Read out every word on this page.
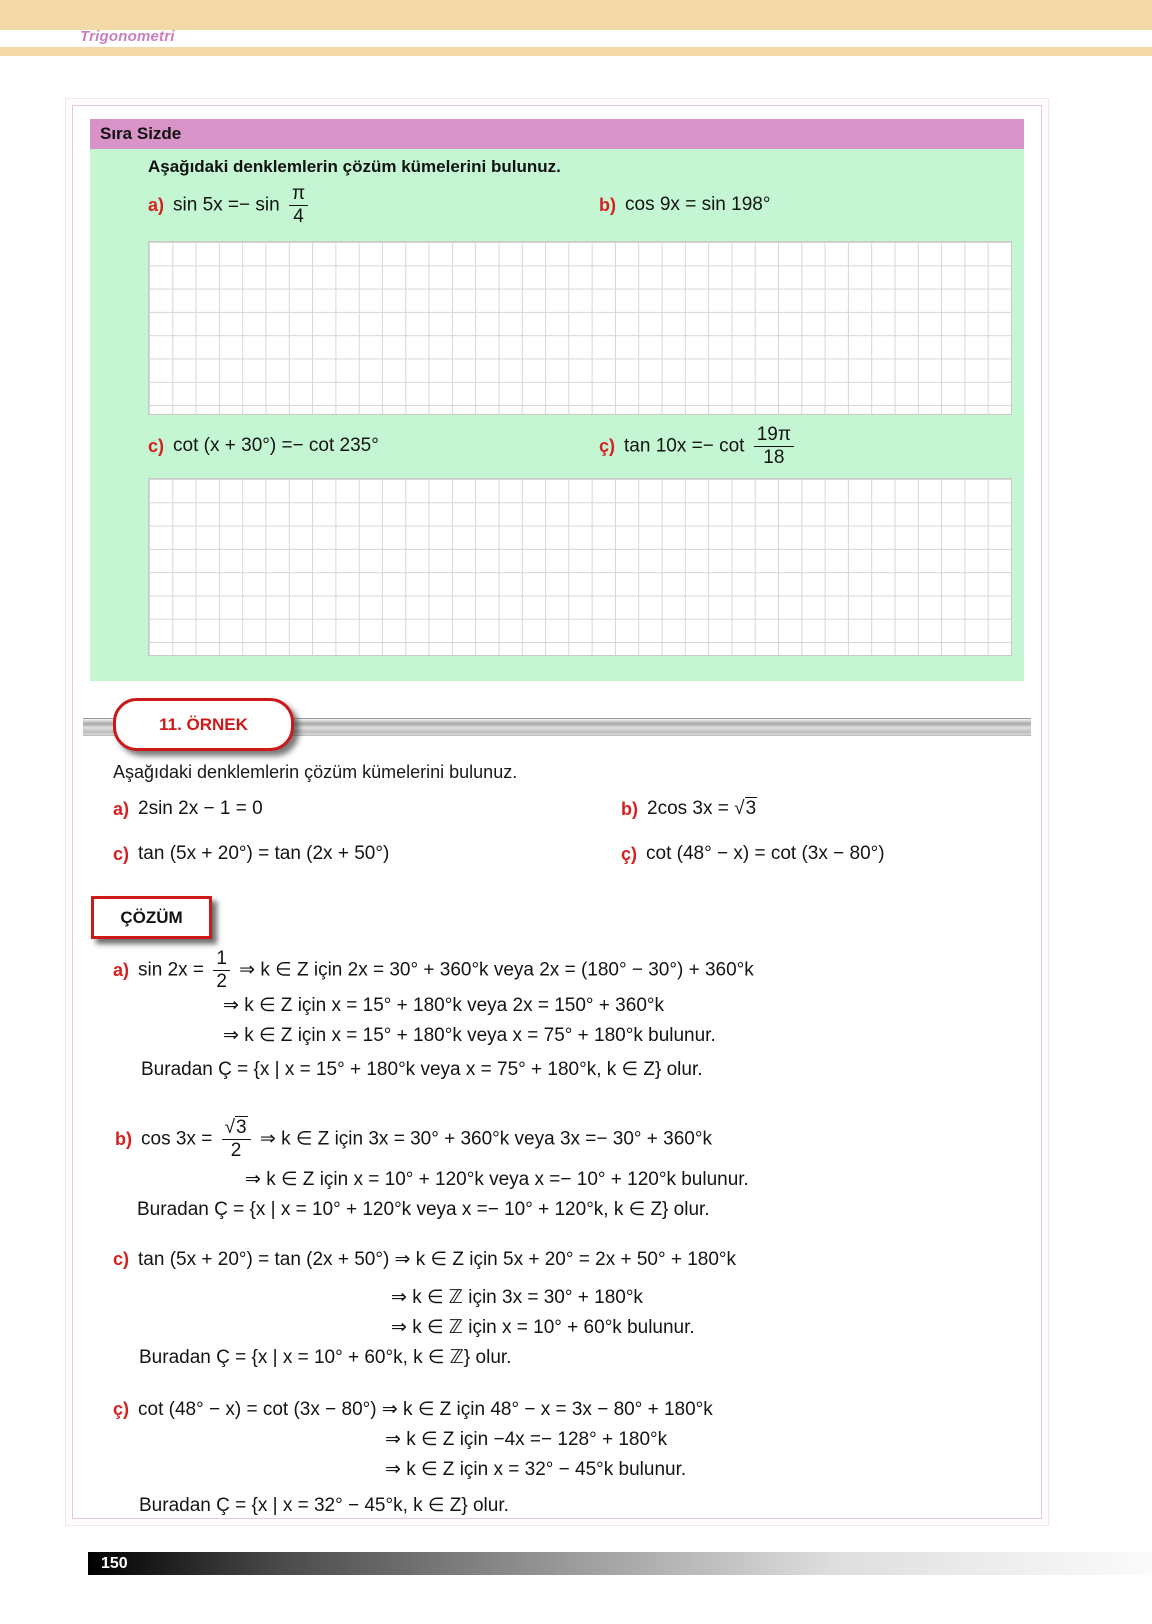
Trigonometri
Sıra Sizde
Aşağıdaki denklemlerin çözüm kümelerini bulunuz.
a) $\sin 5x =- \sin \frac{\pi}{4}$	b) cos 9x = sin 198°
c) cot (x + 30°) =− cot 235°	ç) $\tan 10x =- \cot \frac{19\pi}{18}$
11. ÖRNEK
Aşağıdaki denklemlerin çözüm kümelerini bulunuz.
a) 2sin 2x − 1 = 0	b) 2cos 3x = √3
c) tan (5x + 20°) = tan (2x + 50°)	ç) cot (48° − x) = cot (3x − 80°)
ÇÖZÜM
a) $\sin 2x = \frac{1}{2}$ ⇒ k ∈ Z için 2x = 30° + 360°k veya 2x = (180° − 30°) + 360°k
⇒ k ∈ Z için x = 15° + 180°k veya 2x = 150° + 360°k
⇒ k ∈ Z için x = 15° + 180°k veya x = 75° + 180°k bulunur.
Buradan Ç = {x | x = 15° + 180°k veya x = 75° + 180°k, k ∈ Z} olur.
b) $\cos 3x = \frac{√3}{2}$ ⇒ k ∈ Z için 3x = 30° + 360°k veya 3x =− 30° + 360°k
⇒ k ∈ Z için x = 10° + 120°k veya x =− 10° + 120°k bulunur.
Buradan Ç = {x | x = 10° + 120°k veya x =− 10° + 120°k, k ∈ Z} olur.
c) tan (5x + 20°) = tan (2x + 50°) ⇒ k ∈ Z için 5x + 20° = 2x + 50° + 180°k
⇒ k ∈ ℤ için 3x = 30° + 180°k
⇒ k ∈ ℤ için x = 10° + 60°k bulunur.
Buradan Ç = {x | x = 10° + 60°k, k ∈ ℤ} olur.
ç) cot (48° − x) = cot (3x − 80°) ⇒ k ∈ Z için 48° − x = 3x − 80° + 180°k
⇒ k ∈ Z için −4x =− 128° + 180°k
⇒ k ∈ Z için x = 32° − 45°k bulunur.
Buradan Ç = {x | x = 32° − 45°k, k ∈ Z} olur.
150
